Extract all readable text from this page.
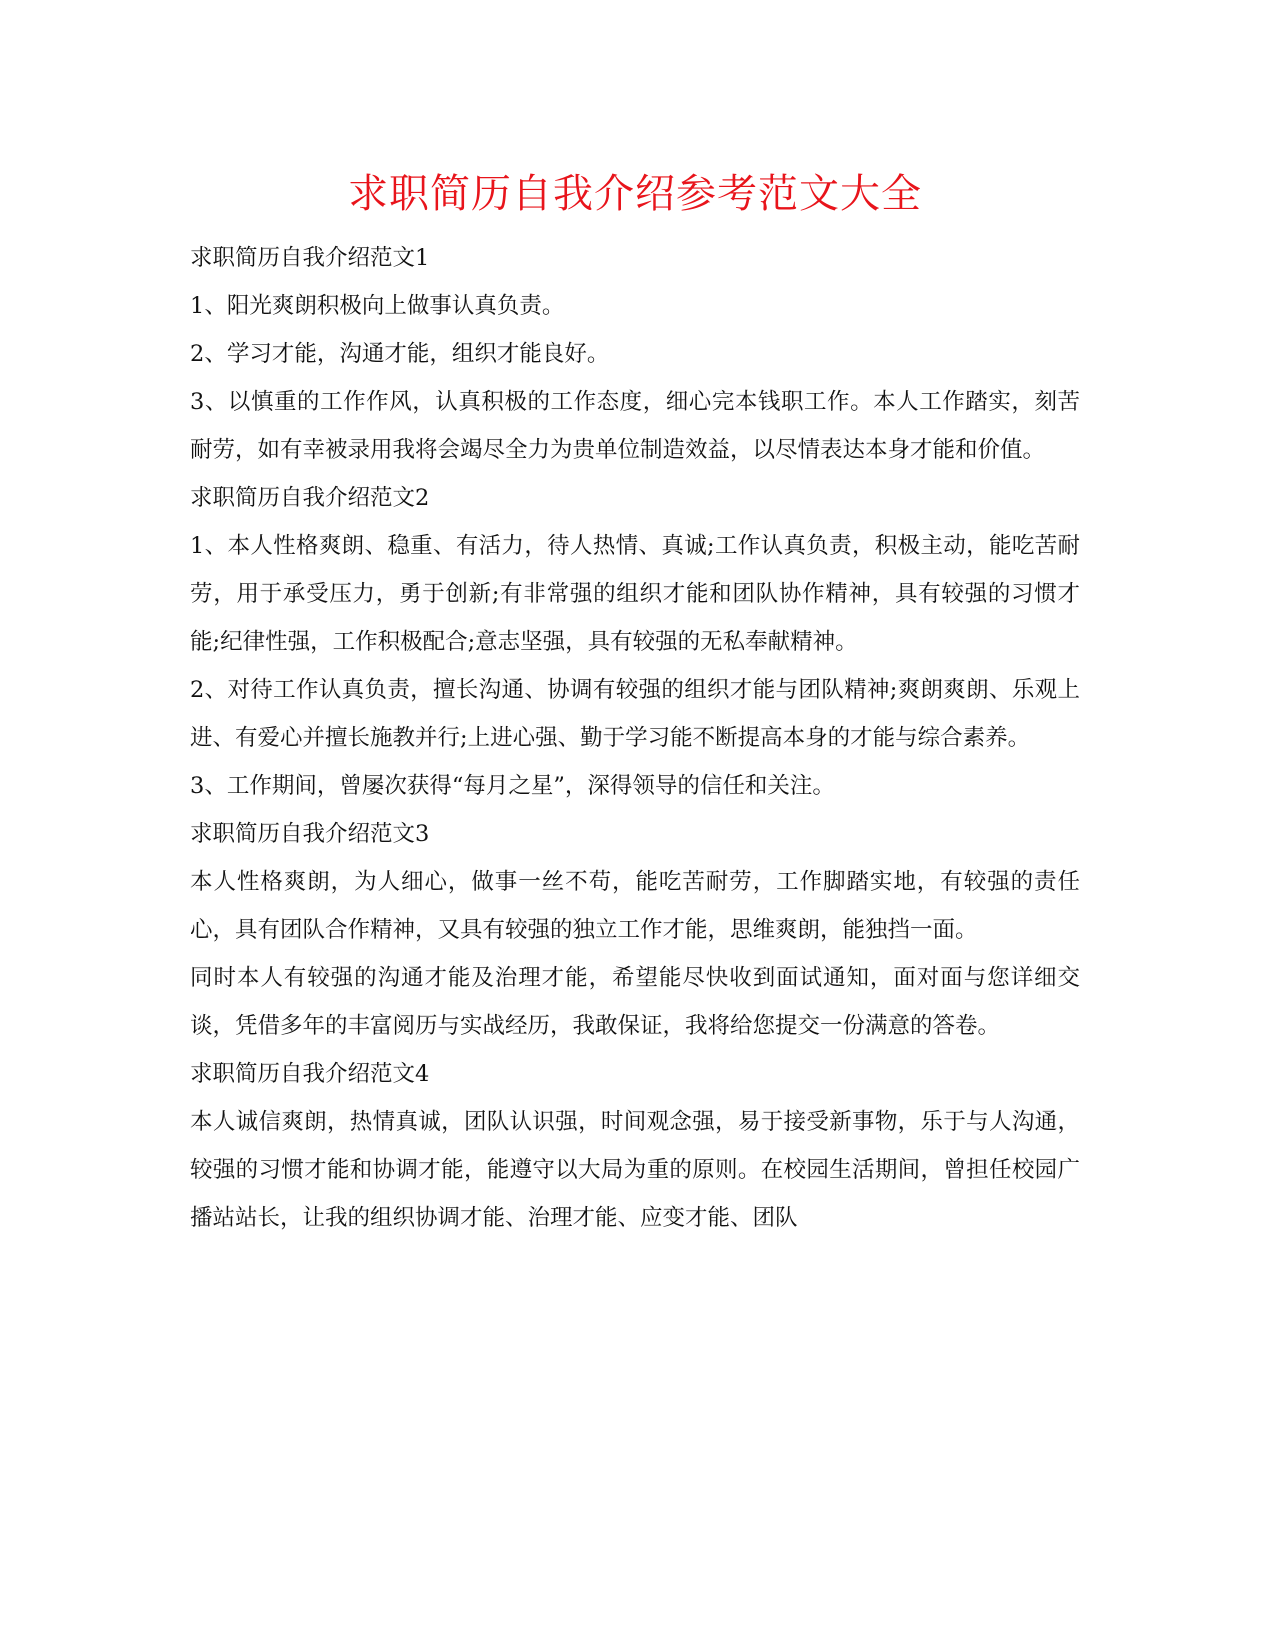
求职简历自我介绍参考范文大全

求职简历自我介绍范文1

1、阳光爽朗积极向上做事认真负责。

2、学习才能，沟通才能，组织才能良好。

3、以慎重的工作作风，认真积极的工作态度，细心完本钱职工作。本人工作踏实，刻苦耐劳，如有幸被录用我将会竭尽全力为贵单位制造效益，以尽情表达本身才能和价值。

求职简历自我介绍范文2

1、本人性格爽朗、稳重、有活力，待人热情、真诚;工作认真负责，积极主动，能吃苦耐劳，用于承受压力，勇于创新;有非常强的组织才能和团队协作精神，具有较强的习惯才能;纪律性强，工作积极配合;意志坚强，具有较强的无私奉献精神。

2、对待工作认真负责，擅长沟通、协调有较强的组织才能与团队精神;爽朗爽朗、乐观上进、有爱心并擅长施教并行;上进心强、勤于学习能不断提高本身的才能与综合素养。

3、工作期间，曾屡次获得“每月之星”，深得领导的信任和关注。

求职简历自我介绍范文3

本人性格爽朗，为人细心，做事一丝不苟，能吃苦耐劳，工作脚踏实地，有较强的责任心，具有团队合作精神，又具有较强的独立工作才能，思维爽朗，能独挡一面。

同时本人有较强的沟通才能及治理才能，希望能尽快收到面试通知，面对面与您详细交谈，凭借多年的丰富阅历与实战经历，我敢保证，我将给您提交一份满意的答卷。

求职简历自我介绍范文4

本人诚信爽朗，热情真诚，团队认识强，时间观念强，易于接受新事物，乐于与人沟通，较强的习惯才能和协调才能，能遵守以大局为重的原则。在校园生活期间，曾担任校园广播站站长，让我的组织协调才能、治理才能、应变才能、团队
